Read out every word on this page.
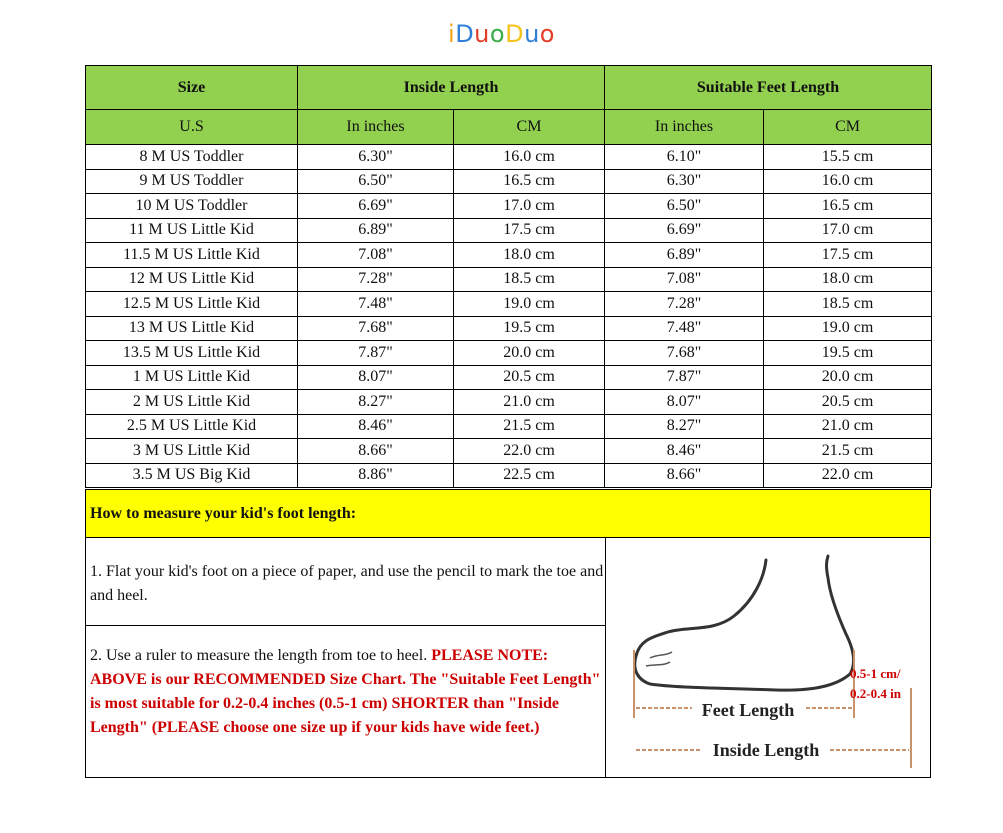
iDuoDuo
Size	Inside Length		Suitable Feet Length	
U.S	In inches	CM	In inches	CM
8 M US Toddler	6.30"	16.0 cm	6.10"	15.5 cm
9 M US Toddler	6.50"	16.5 cm	6.30"	16.0 cm
10 M US Toddler	6.69"	17.0 cm	6.50"	16.5 cm
11 M US Little Kid	6.89"	17.5 cm	6.69"	17.0 cm
11.5 M US Little Kid	7.08"	18.0 cm	6.89"	17.5 cm
12 M US Little Kid	7.28"	18.5 cm	7.08"	18.0 cm
12.5 M US Little Kid	7.48"	19.0 cm	7.28"	18.5 cm
13 M US Little Kid	7.68"	19.5 cm	7.48"	19.0 cm
13.5 M US Little Kid	7.87"	20.0 cm	7.68"	19.5 cm
1 M US Little Kid	8.07"	20.5 cm	7.87"	20.0 cm
2 M US Little Kid	8.27"	21.0 cm	8.07"	20.5 cm
2.5 M US Little Kid	8.46"	21.5 cm	8.27"	21.0 cm
3 M US Little Kid	8.66"	22.0 cm	8.46"	21.5 cm
3.5 M US Big Kid	8.86"	22.5 cm	8.66"	22.0 cm
How to measure your kid's foot length:
1. Flat your kid's foot on a piece of paper, and use the pencil to mark the toe and and heel.
2. Use a ruler to measure the length from toe to heel. PLEASE NOTE: ABOVE is our RECOMMENDED Size Chart. The "Suitable Feet Length" is most suitable for 0.2-0.4 inches (0.5-1 cm) SHORTER than "Inside Length" (PLEASE choose one size up if your kids have wide feet.)
Feet Length
Inside Length
0.5-1 cm/
0.2-0.4 in
